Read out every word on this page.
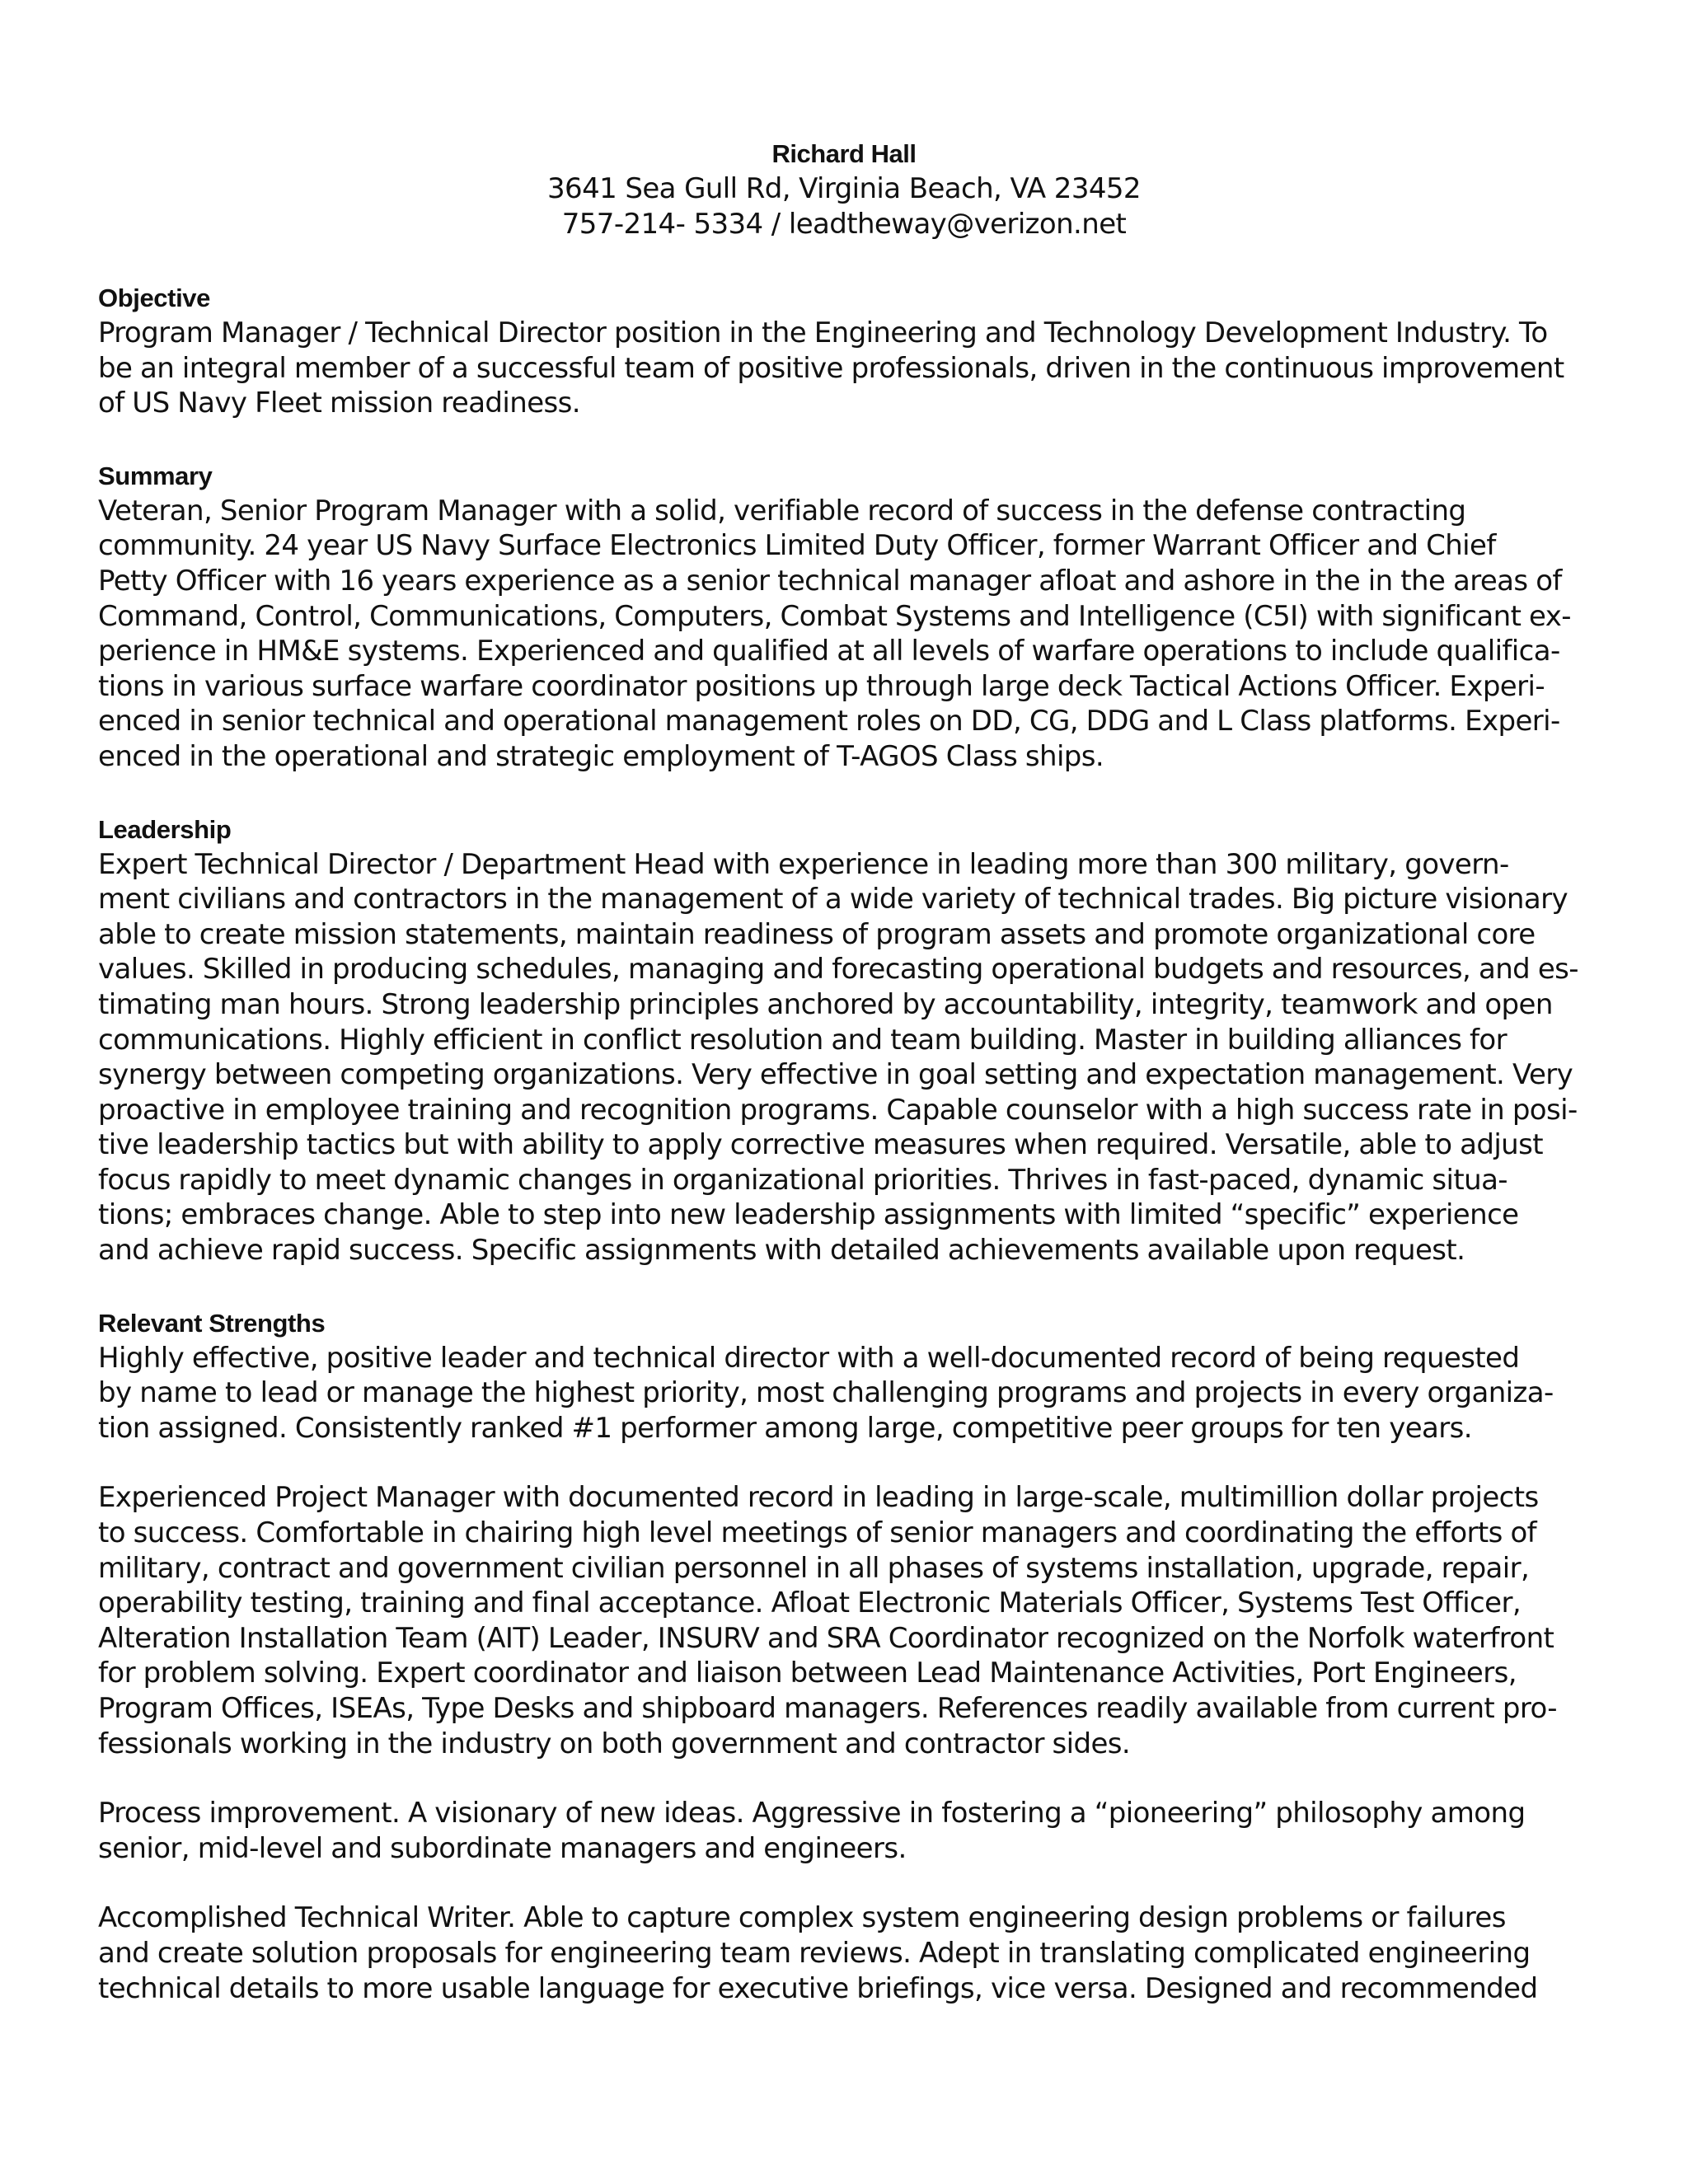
Richard Hall
3641 Sea Gull Rd, Virginia Beach, VA 23452
757-214- 5334 / leadtheway@verizon.net
Objective

Program Manager / Technical Director position in the Engineering and Technology Development Industry. To
be an integral member of a successful team of positive professionals, driven in the continuous improvement
of US Navy Fleet mission readiness.

Summary

Veteran, Senior Program Manager with a solid, verifiable record of success in the defense contracting
community. 24 year US Navy Surface Electronics Limited Duty Officer, former Warrant Officer and Chief
Petty Officer with 16 years experience as a senior technical manager afloat and ashore in the in the areas of
Command, Control, Communications, Computers, Combat Systems and Intelligence (C5I) with significant ex-
perience in HM&E systems. Experienced and qualified at all levels of warfare operations to include qualifica-
tions in various surface warfare coordinator positions up through large deck Tactical Actions Officer. Experi-
enced in senior technical and operational management roles on DD, CG, DDG and L Class platforms. Experi-
enced in the operational and strategic employment of T-AGOS Class ships.

Leadership

Expert Technical Director / Department Head with experience in leading more than 300 military, govern-
ment civilians and contractors in the management of a wide variety of technical trades. Big picture visionary
able to create mission statements, maintain readiness of program assets and promote organizational core
values. Skilled in producing schedules, managing and forecasting operational budgets and resources, and es-
timating man hours. Strong leadership principles anchored by accountability, integrity, teamwork and open
communications. Highly efficient in conflict resolution and team building. Master in building alliances for
synergy between competing organizations. Very effective in goal setting and expectation management. Very
proactive in employee training and recognition programs. Capable counselor with a high success rate in posi-
tive leadership tactics but with ability to apply corrective measures when required. Versatile, able to adjust
focus rapidly to meet dynamic changes in organizational priorities. Thrives in fast-paced, dynamic situa-
tions; embraces change. Able to step into new leadership assignments with limited “specific” experience
and achieve rapid success. Specific assignments with detailed achievements available upon request.

Relevant Strengths

Highly effective, positive leader and technical director with a well-documented record of being requested
by name to lead or manage the highest priority, most challenging programs and projects in every organiza-
tion assigned. Consistently ranked #1 performer among large, competitive peer groups for ten years.

Experienced Project Manager with documented record in leading in large-scale, multimillion dollar projects
to success. Comfortable in chairing high level meetings of senior managers and coordinating the efforts of
military, contract and government civilian personnel in all phases of systems installation, upgrade, repair,
operability testing, training and final acceptance. Afloat Electronic Materials Officer, Systems Test Officer,
Alteration Installation Team (AIT) Leader, INSURV and SRA Coordinator recognized on the Norfolk waterfront
for problem solving. Expert coordinator and liaison between Lead Maintenance Activities, Port Engineers,
Program Offices, ISEAs, Type Desks and shipboard managers. References readily available from current pro-
fessionals working in the industry on both government and contractor sides.

Process improvement. A visionary of new ideas. Aggressive in fostering a “pioneering” philosophy among
senior, mid-level and subordinate managers and engineers.

Accomplished Technical Writer. Able to capture complex system engineering design problems or failures
and create solution proposals for engineering team reviews. Adept in translating complicated engineering
technical details to more usable language for executive briefings, vice versa. Designed and recommended
